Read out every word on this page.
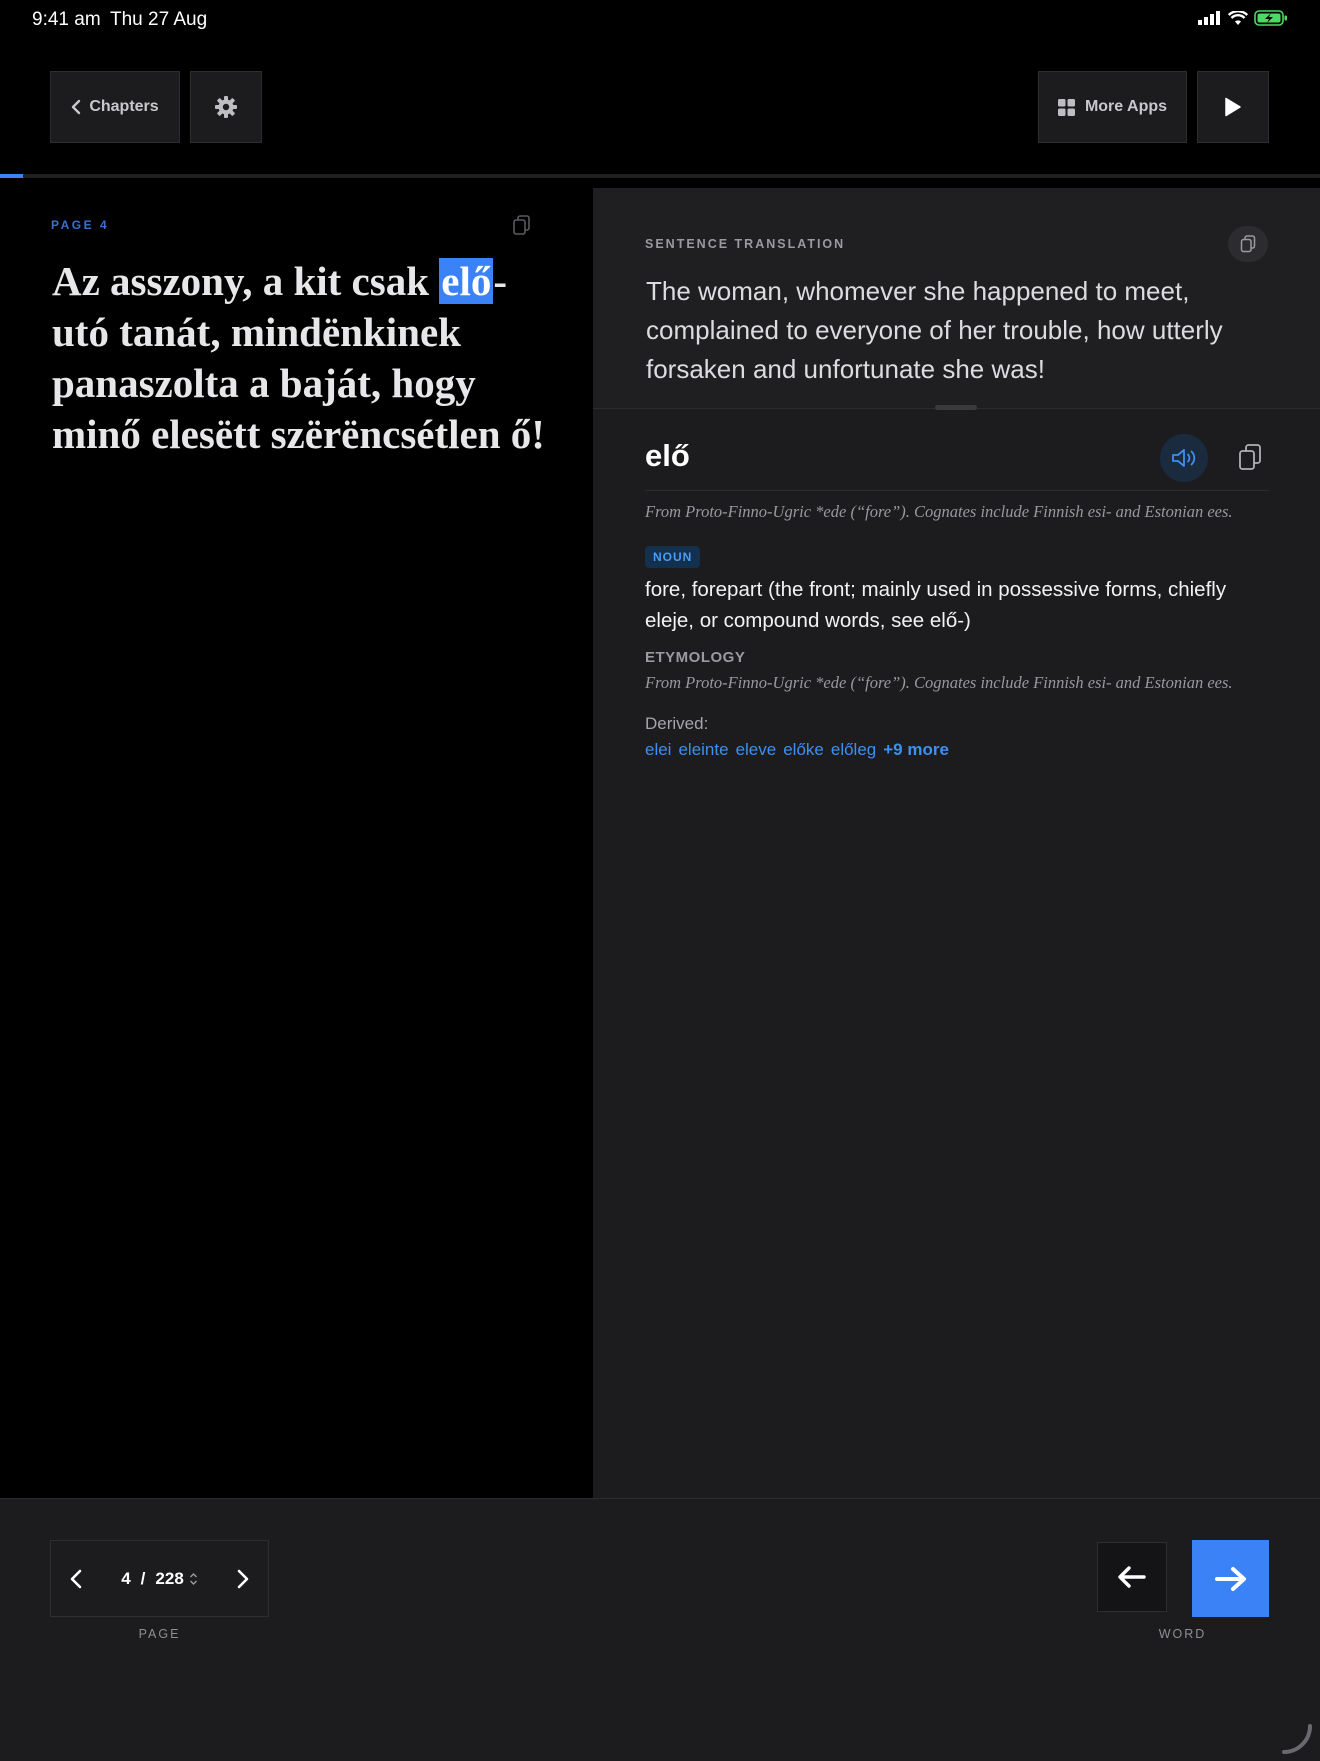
9:41 am Thu 27 Aug
Chapters	More Apps
PAGE 4
Az asszony, a kit csak elő-utó tanát, mindënkinek panaszolta a baját, hogy minő elesëtt szërëncsétlen ő!
SENTENCE TRANSLATION
The woman, whomever she happened to meet, complained to everyone of her trouble, how utterly forsaken and unfortunate she was!
elő
From Proto-Finno-Ugric *ede (“fore”). Cognates include Finnish esi- and Estonian ees.
NOUN
fore, forepart (the front; mainly used in possessive forms, chiefly eleje, or compound words, see elő-)
ETYMOLOGY
From Proto-Finno-Ugric *ede (“fore”). Cognates include Finnish esi- and Estonian ees.
Derived:
elei eleinte eleve előke előleg +9 more
4 / 228
PAGE	WORD
